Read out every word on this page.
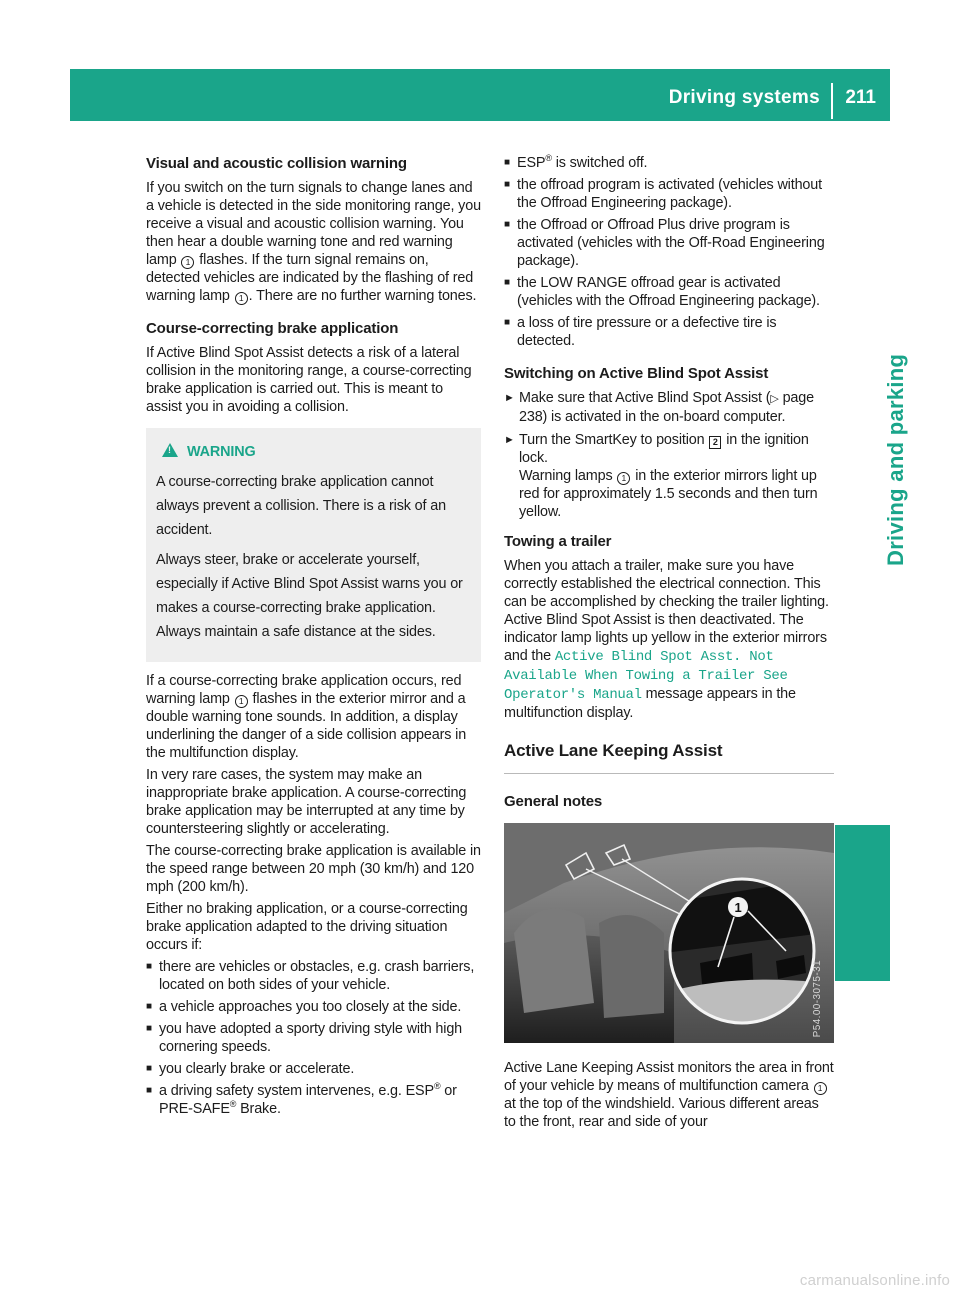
Driving systems 211
Driving and parking
Visual and acoustic collision warning

If you switch on the turn signals to change lanes and a vehicle is detected in the side monitoring range, you receive a visual and acoustic collision warning. You then hear a double warning tone and red warning lamp 1 flashes. If the turn signal remains on, detected vehicles are indicated by the flashing of red warning lamp 1 . There are no further warning tones.

Course-correcting brake application

If Active Blind Spot Assist detects a risk of a lateral collision in the monitoring range, a course-correcting brake application is carried out. This is meant to assist you in avoiding a collision.

!WARNING

A course-correcting brake application cannot always prevent a collision. There is a risk of an accident.

Always steer, brake or accelerate yourself, especially if Active Blind Spot Assist warns you or makes a course-correcting brake application. Always maintain a safe distance at the sides.

If a course-correcting brake application occurs, red warning lamp 1 flashes in the exterior mirror and a double warning tone sounds. In addition, a display underlining the danger of a side collision appears in the multifunction display.

In very rare cases, the system may make an inappropriate brake application. A course-correcting brake application may be interrupted at any time by countersteering slightly or accelerating.

The course-correcting brake application is available in the speed range between 20 mph (30 km/h) and 120 mph (200 km/h).

Either no braking application, or a course-correcting brake application adapted to the driving situation occurs if:

■ there are vehicles or obstacles, e.g. crash barriers, located on both sides of your vehicle.
■ a vehicle approaches you too closely at the side.
■ you have adopted a sporty driving style with high cornering speeds.
■ you clearly brake or accelerate.
■ a driving safety system intervenes, e.g. ESP® or PRE-SAFE® Brake.
■ ESP® is switched off.
■ the offroad program is activated (vehicles without the Offroad Engineering package).
■ the Offroad or Offroad Plus drive program is activated (vehicles with the Off-Road Engineering package).
■ the LOW RANGE offroad gear is activated (vehicles with the Offroad Engineering package).
■ a loss of tire pressure or a defective tire is detected.
Switching on Active Blind Spot Assist
► Make sure that Active Blind Spot Assist (▷ page 238) is activated in the on-board computer.
► Turn the SmartKey to position 2 in the ignition lock.
Warning lamps 1 in the exterior mirrors light up red for approximately 1.5 seconds and then turn yellow.
Towing a trailer

When you attach a trailer, make sure you have correctly established the electrical connection. This can be accomplished by checking the trailer lighting. Active Blind Spot Assist is then deactivated. The indicator lamp lights up yellow in the exterior mirrors and the Active Blind Spot Asst. Not Available When Towing a Trailer See Operator's Manual message appears in the multifunction display.

Active Lane Keeping Assist
General notes
1
P54.00-3075-31

Active Lane Keeping Assist monitors the area in front of your vehicle by means of multifunction camera 1 at the top of the windshield. Various different areas to the front, rear and side of your

carmanualsonline.info
